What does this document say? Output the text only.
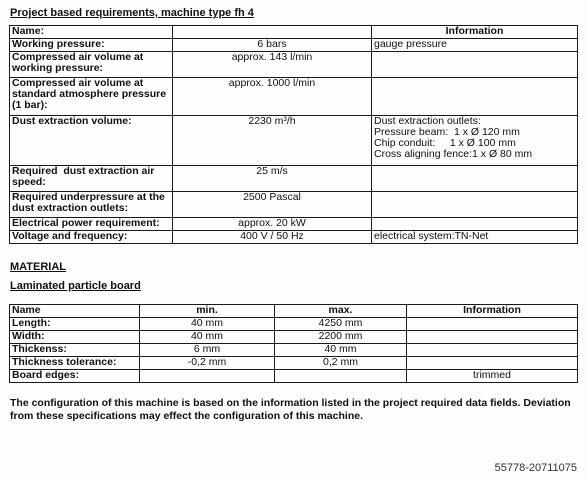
Project based requirements, machine type fh 4
Name:		Information
Working pressure:	6 bars	gauge pressure
Compressed air volume at working pressure:	approx. 143 l/min	
Compressed air volume at standard atmosphere pressure (1 bar):	approx. 1000 l/min	
Dust extraction volume:	2230 m³/h	Dust extraction outlets:
Pressure beam:  1 x Ø 120 mm
Chip conduit:     1 x Ø 100 mm
Cross aligning fence:1 x Ø 80 mm

Required  dust extraction air speed:	25 m/s	
Required underpressure at the dust extraction outlets:	2500 Pascal	
Electrical power requirement:	approx. 20 kW	
Voltage and frequency:	400 V / 50 Hz	electrical system:TN-Net
MATERIAL
Laminated particle board
Name	min.	max.	Information
Length:	40 mm	4250 mm	
Width:	40 mm	2200 mm	
Thickenss:	6 mm	40 mm	
Thickness tolerance:	-0,2 mm	0,2 mm	
Board edges:			trimmed
The configuration of this machine is based on the information listed in the project required data fields. Deviation from these specifications may effect the configuration of this machine.
55778-20711075
